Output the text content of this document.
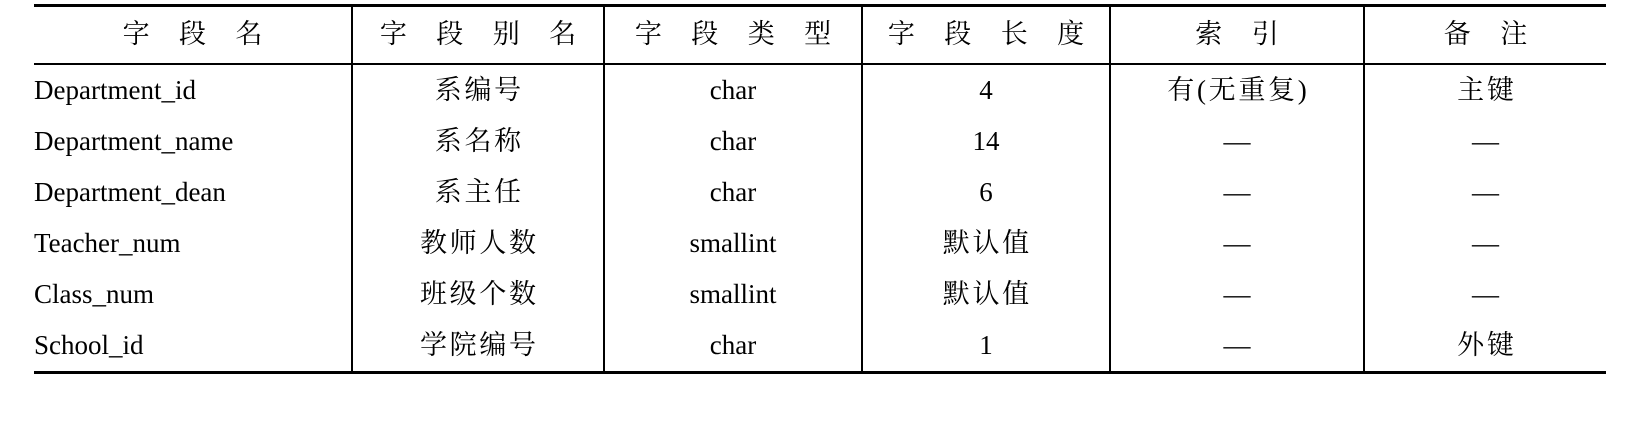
字 段 名	字 段 别 名	字 段 类 型	字 段 长 度	索 引	备 注
Department_id	系编号	char	4	有(无重复)	主键
Department_name	系名称	char	14	—	—
Department_dean	系主任	char	6	—	—
Teacher_num	教师人数	smallint	默认值	—	—
Class_num	班级个数	smallint	默认值	—	—
School_id	学院编号	char	1	—	外键
